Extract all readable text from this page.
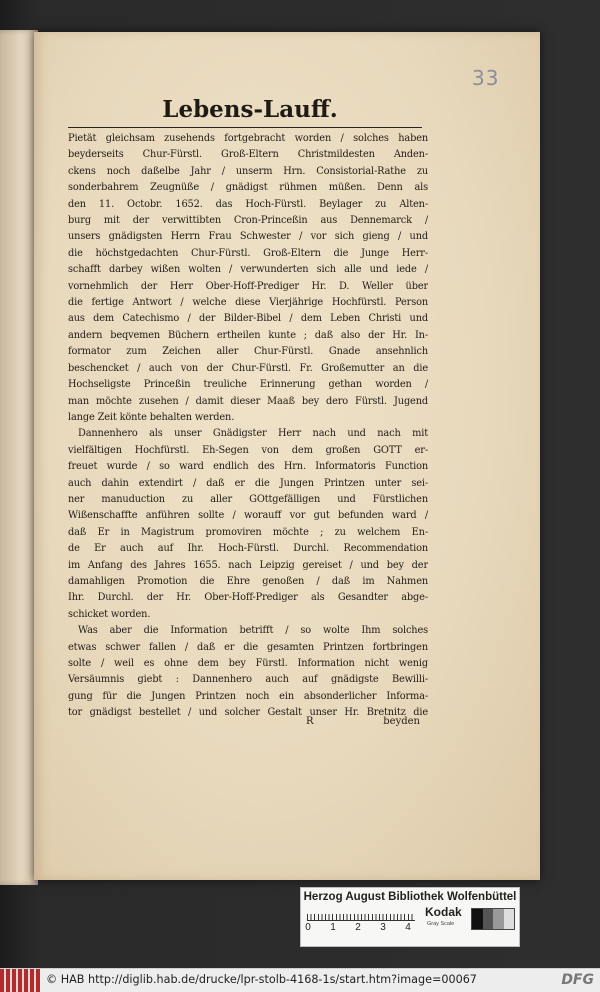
33
Lebens-Lauff.
Pietät gleichsam zusehends fortgebracht worden / solches haben
beyderseits Chur-Fürstl. Groß-Eltern Christmildesten Anden-
ckens noch daßelbe Jahr / unserm Hrn. Consistorial-Rathe zu
sonderbahrem Zeugnüße / gnädigst rühmen müßen. Denn als
den 11. Octobr. 1652. das Hoch-Fürstl. Beylager zu Alten-
burg mit der verwittibten Cron-Princeßin aus Dennemarck /
unsers gnädigsten Herrn Frau Schwester / vor sich gieng / und
die höchstgedachten Chur-Fürstl. Groß-Eltern die Junge Herr-
schafft darbey wißen wolten / verwunderten sich alle und iede /
vornehmlich der Herr Ober-Hoff-Prediger Hr. D. Weller über
die fertige Antwort / welche diese Vierjährige Hochfürstl. Person
aus dem Catechismo / der Bilder-Bibel / dem Leben Christi und
andern beqvemen Büchern ertheilen kunte ; daß also der Hr. In-
formator zum Zeichen aller Chur-Fürstl. Gnade ansehnlich
beschencket / auch von der Chur-Fürstl. Fr. Großemutter an die
Hochseligste Princeßin treuliche Erinnerung gethan worden /
man möchte zusehen / damit dieser Maaß bey dero Fürstl. Jugend
lange Zeit könte behalten werden.
Dannenhero als unser Gnädigster Herr nach und nach mit
vielfältigen Hochfürstl. Eh-Segen von dem großen GOTT er-
freuet wurde / so ward endlich des Hrn. Informatoris Function
auch dahin extendirt / daß er die Jungen Printzen unter sei-
ner manuduction zu aller GOttgefälligen und Fürstlichen
Wißenschaffte anführen sollte / worauff vor gut befunden ward /
daß Er in Magistrum promoviren möchte ; zu welchem En-
de Er auch auf Ihr. Hoch-Fürstl. Durchl. Recommendation
im Anfang des Jahres 1655. nach Leipzig gereiset / und bey der
damahligen Promotion die Ehre genoßen / daß im Nahmen
Ihr. Durchl. der Hr. Ober-Hoff-Prediger als Gesandter abge-
schicket worden.
Was aber die Information betrifft / so wolte Ihm solches
etwas schwer fallen / daß er die gesamten Printzen fortbringen
solte / weil es ohne dem bey Fürstl. Information nicht wenig
Versäumnis giebt : Dannenhero auch auf gnädigste Bewilli-
gung für die Jungen Printzen noch ein absonderlicher Informa-
tor gnädigst bestellet / und solcher Gestalt unser Hr. Bretnitz die
R	beyden
Herzog August Bibliothek Wolfenbüttel
0 1 2 3 4
Kodak
Gray Scale
© HAB http://diglib.hab.de/drucke/lpr-stolb-4168-1s/start.htm?image=00067	DFG
